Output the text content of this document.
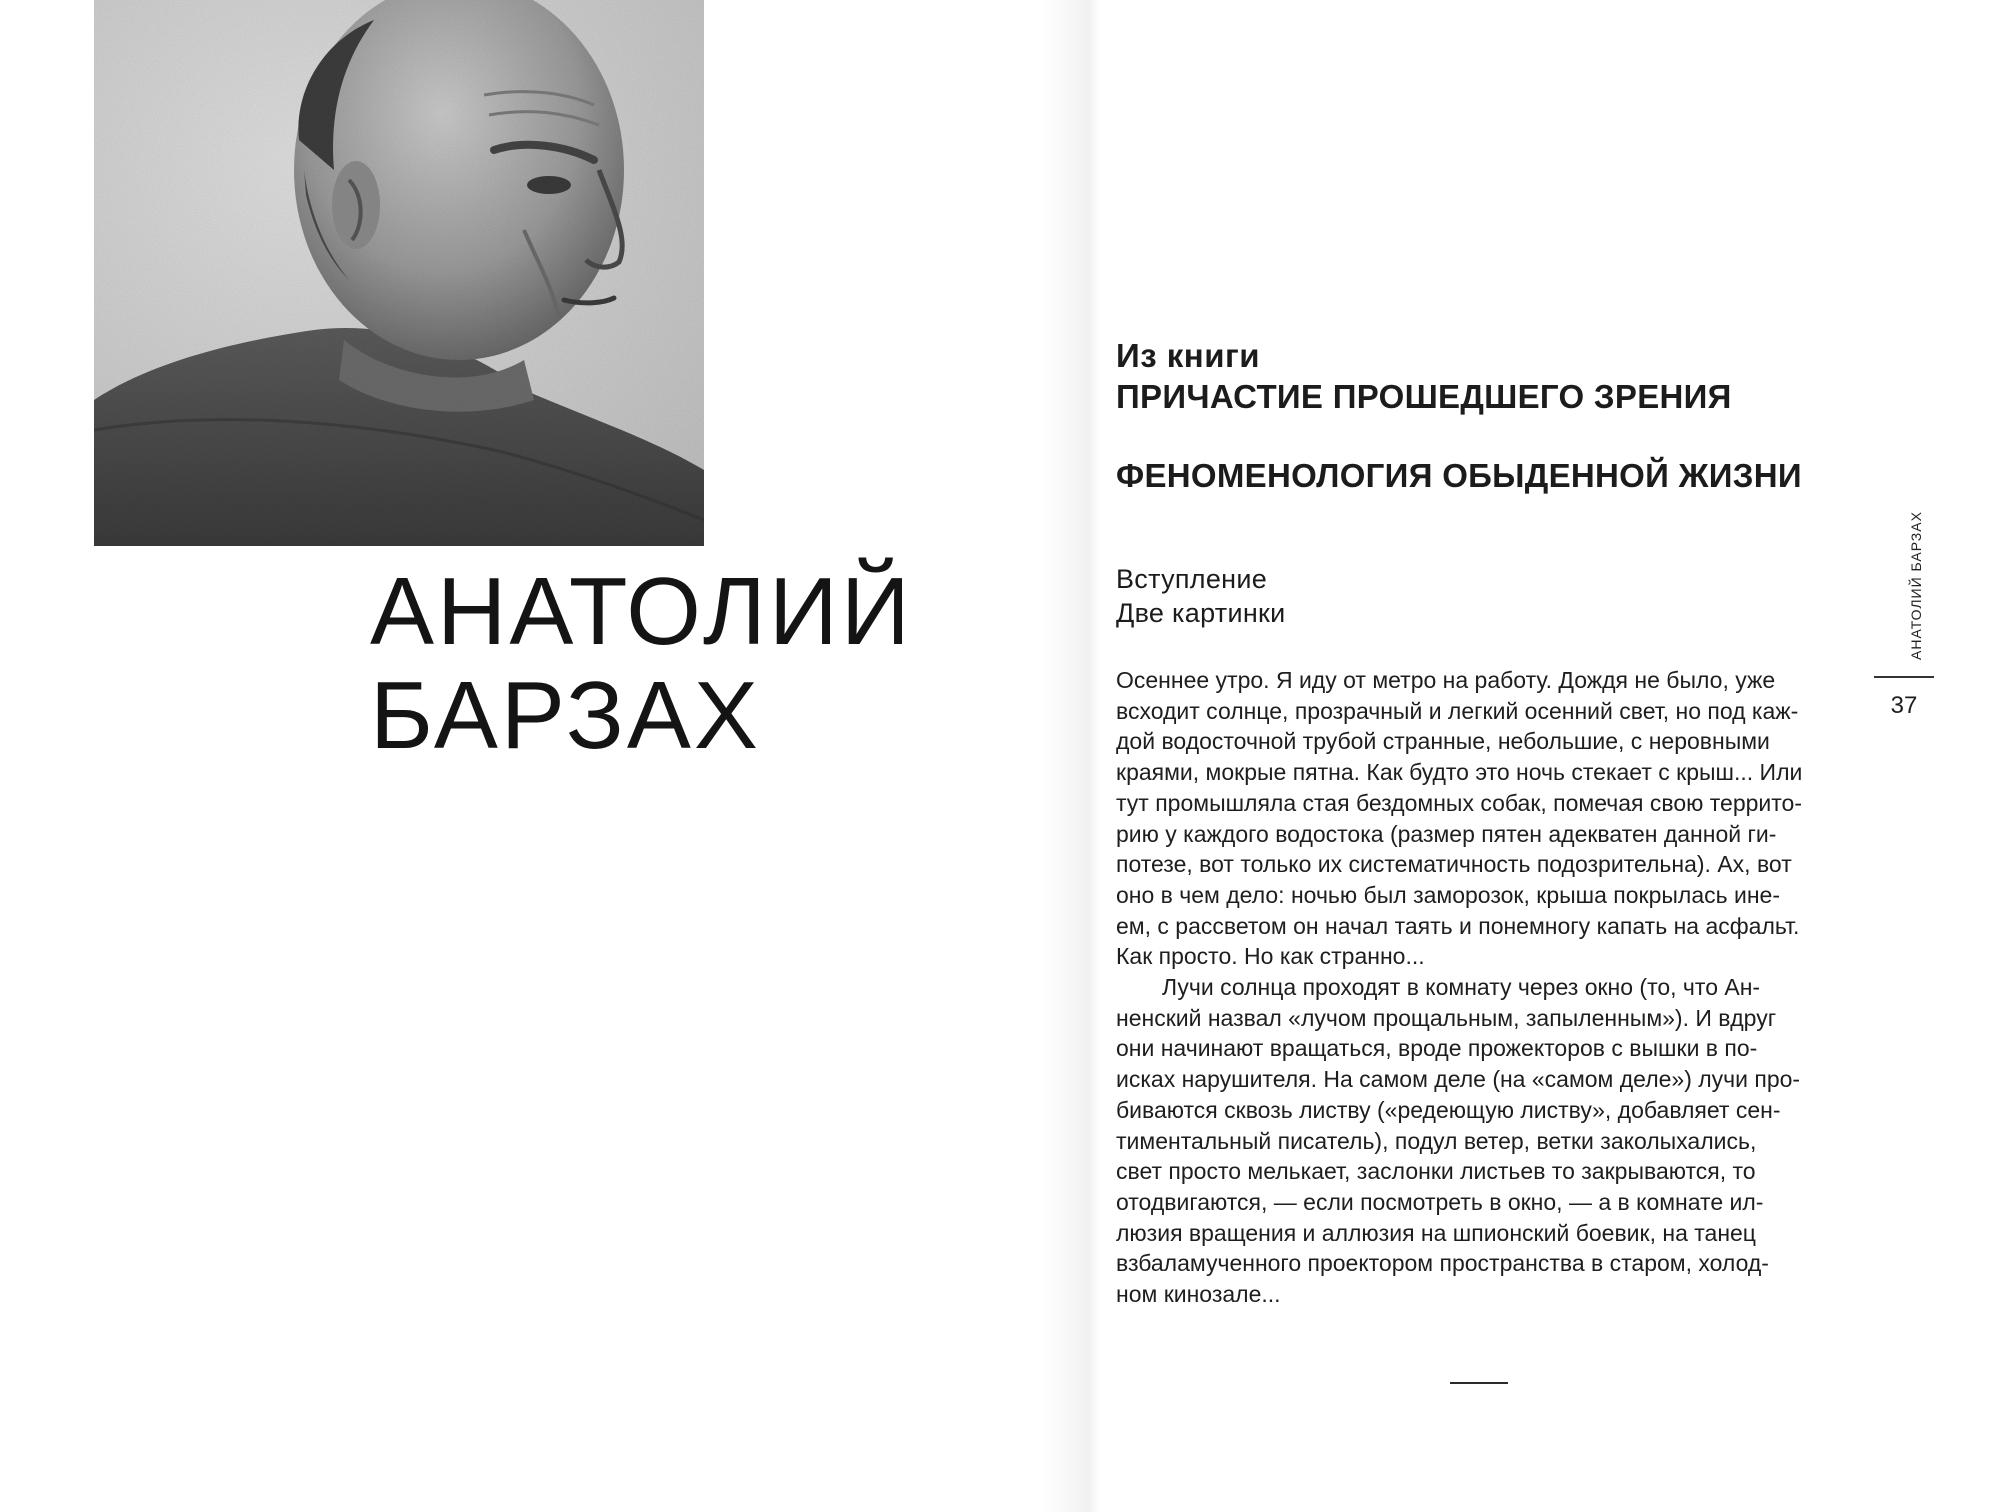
АНАТОЛИЙ
БАРЗАХ
Из книги
ПРИЧАСТИЕ ПРОШЕДШЕГО ЗРЕНИЯ
ФЕНОМЕНОЛОГИЯ ОБЫДЕННОЙ ЖИЗНИ
Вступление
Две картинки
Осеннее утро. Я иду от метро на работу. Дождя не было, уже
всходит солнце, прозрачный и легкий осенний свет, но под каж-
дой водосточной трубой странные, небольшие, с неровными
краями, мокрые пятна. Как будто это ночь стекает с крыш... Или
тут промышляла стая бездомных собак, помечая свою террито-
рию у каждого водостока (размер пятен адекватен данной ги-
потезе, вот только их систематичность подозрительна). Ах, вот
оно в чем дело: ночью был заморозок, крыша покрылась ине-
ем, с рассветом он начал таять и понемногу капать на асфальт.
Как просто. Но как странно...
Лучи солнца проходят в комнату через окно (то, что Ан-
ненский назвал «лучом прощальным, запыленным»). И вдруг
они начинают вращаться, вроде прожекторов с вышки в по-
исках нарушителя. На самом деле (на «самом деле») лучи про-
биваются сквозь листву («редеющую листву», добавляет сен-
тиментальный писатель), подул ветер, ветки заколыхались,
свет просто мелькает, заслонки листьев то закрываются, то
отодвигаются, — если посмотреть в окно, — а в комнате ил-
люзия вращения и аллюзия на шпионский боевик, на танец
взбаламученного проектором пространства в старом, холод-
ном кинозале...
АНАТОЛИЙ БАРЗАХ
37
